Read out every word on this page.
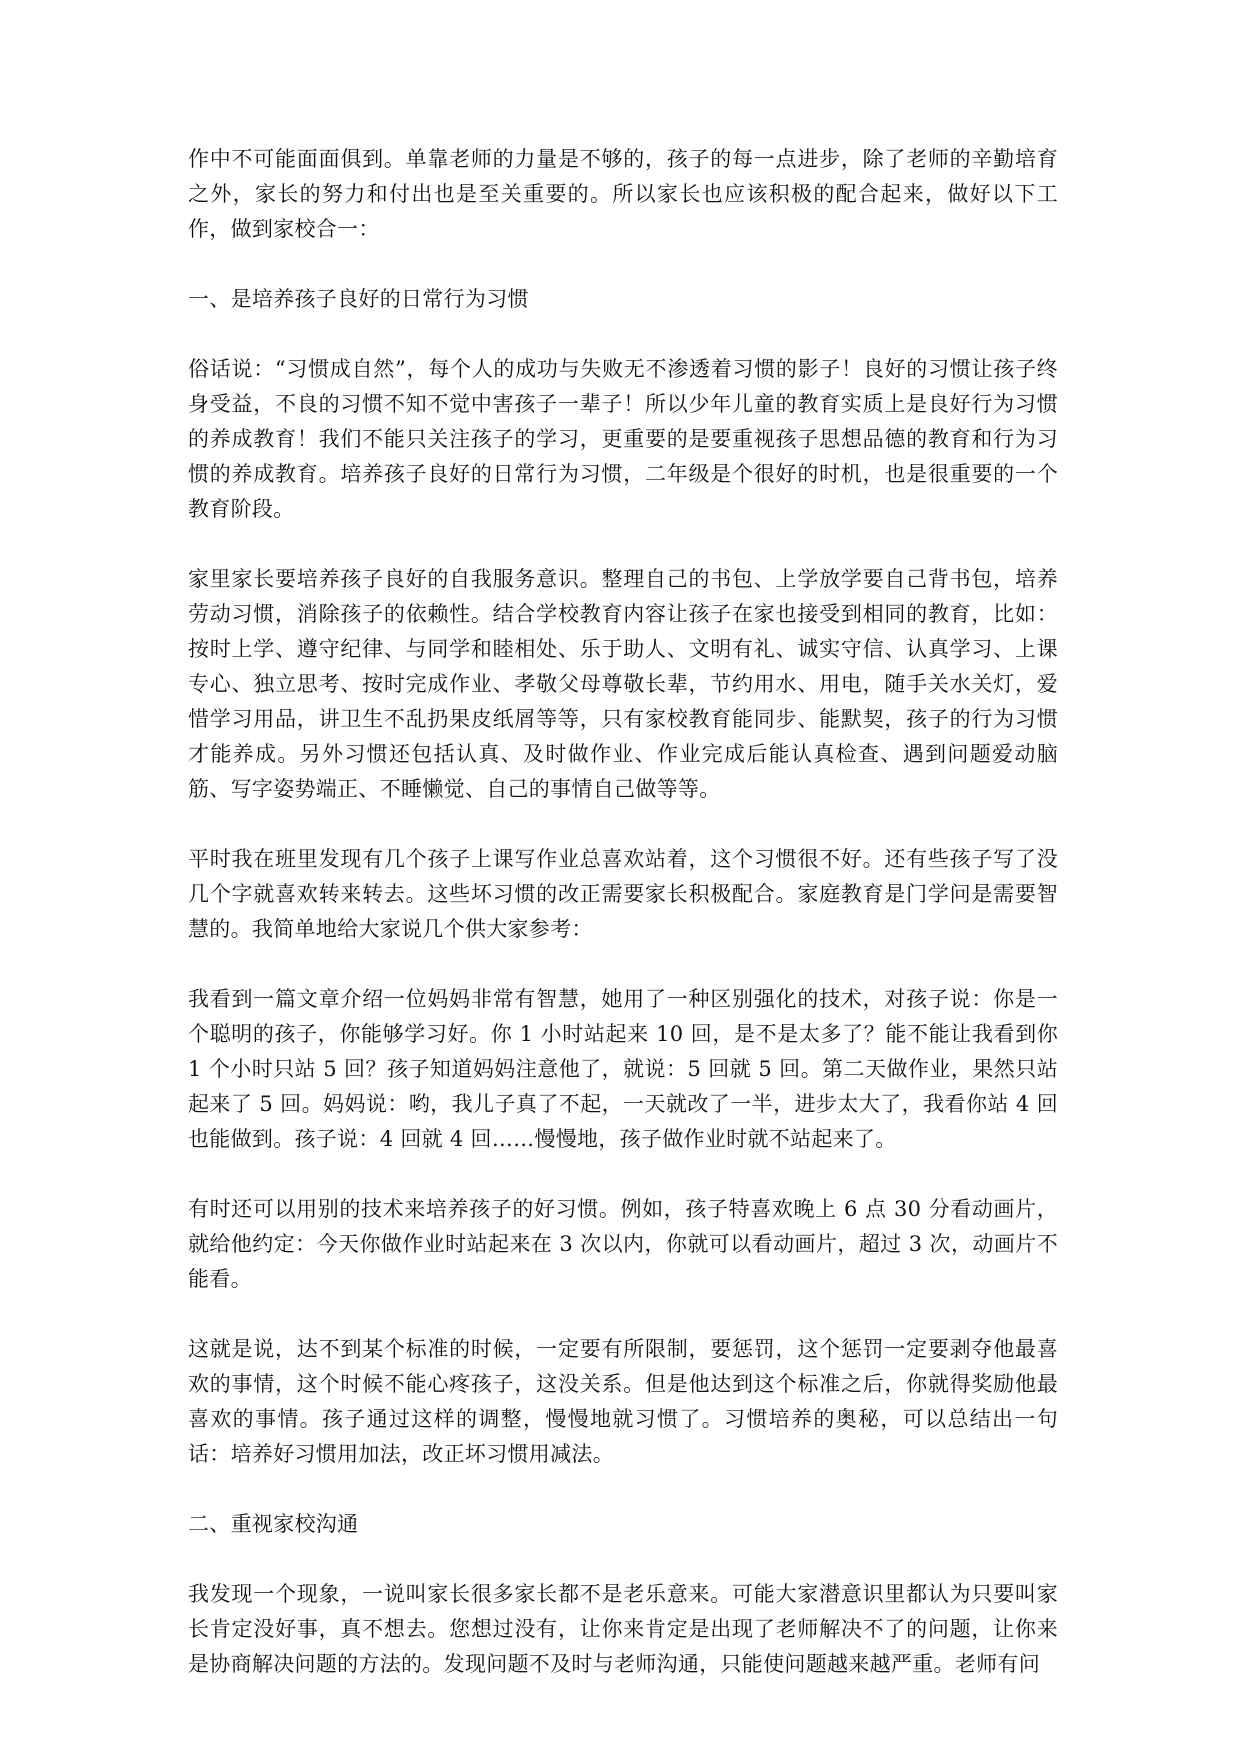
作中不可能面面俱到。单靠老师的力量是不够的，孩子的每一点进步，除了老师的辛勤培育之外，家长的努力和付出也是至关重要的。所以家长也应该积极的配合起来，做好以下工作，做到家校合一：

一、是培养孩子良好的日常行为习惯

俗话说：“习惯成自然”，每个人的成功与失败无不渗透着习惯的影子！良好的习惯让孩子终身受益，不良的习惯不知不觉中害孩子一辈子！所以少年儿童的教育实质上是良好行为习惯的养成教育！我们不能只关注孩子的学习，更重要的是要重视孩子思想品德的教育和行为习惯的养成教育。培养孩子良好的日常行为习惯，二年级是个很好的时机，也是很重要的一个教育阶段。

家里家长要培养孩子良好的自我服务意识。整理自己的书包、上学放学要自己背书包，培养劳动习惯，消除孩子的依赖性。结合学校教育内容让孩子在家也接受到相同的教育，比如：按时上学、遵守纪律、与同学和睦相处、乐于助人、文明有礼、诚实守信、认真学习、上课专心、独立思考、按时完成作业、孝敬父母尊敬长辈，节约用水、用电，随手关水关灯，爱惜学习用品，讲卫生不乱扔果皮纸屑等等，只有家校教育能同步、能默契，孩子的行为习惯才能养成。另外习惯还包括认真、及时做作业、作业完成后能认真检查、遇到问题爱动脑筋、写字姿势端正、不睡懒觉、自己的事情自己做等等。

平时我在班里发现有几个孩子上课写作业总喜欢站着，这个习惯很不好。还有些孩子写了没几个字就喜欢转来转去。这些坏习惯的改正需要家长积极配合。家庭教育是门学问是需要智慧的。我简单地给大家说几个供大家参考：

我看到一篇文章介绍一位妈妈非常有智慧，她用了一种区别强化的技术，对孩子说：你是一个聪明的孩子，你能够学习好。你 1 小时站起来 10 回，是不是太多了？能不能让我看到你 1 个小时只站 5 回？孩子知道妈妈注意他了，就说：5 回就 5 回。第二天做作业，果然只站起来了 5 回。妈妈说：哟，我儿子真了不起，一天就改了一半，进步太大了，我看你站 4 回也能做到。孩子说：4 回就 4 回……慢慢地，孩子做作业时就不站起来了。

有时还可以用别的技术来培养孩子的好习惯。例如，孩子特喜欢晚上 6 点 30 分看动画片，就给他约定：今天你做作业时站起来在 3 次以内，你就可以看动画片，超过 3 次，动画片不能看。

这就是说，达不到某个标准的时候，一定要有所限制，要惩罚，这个惩罚一定要剥夺他最喜欢的事情，这个时候不能心疼孩子，这没关系。但是他达到这个标准之后，你就得奖励他最喜欢的事情。孩子通过这样的调整，慢慢地就习惯了。习惯培养的奥秘，可以总结出一句话：培养好习惯用加法，改正坏习惯用减法。

二、重视家校沟通

我发现一个现象，一说叫家长很多家长都不是老乐意来。可能大家潜意识里都认为只要叫家长肯定没好事，真不想去。您想过没有，让你来肯定是出现了老师解决不了的问题，让你来是协商解决问题的方法的。发现问题不及时与老师沟通，只能使问题越来越严重。老师有问
